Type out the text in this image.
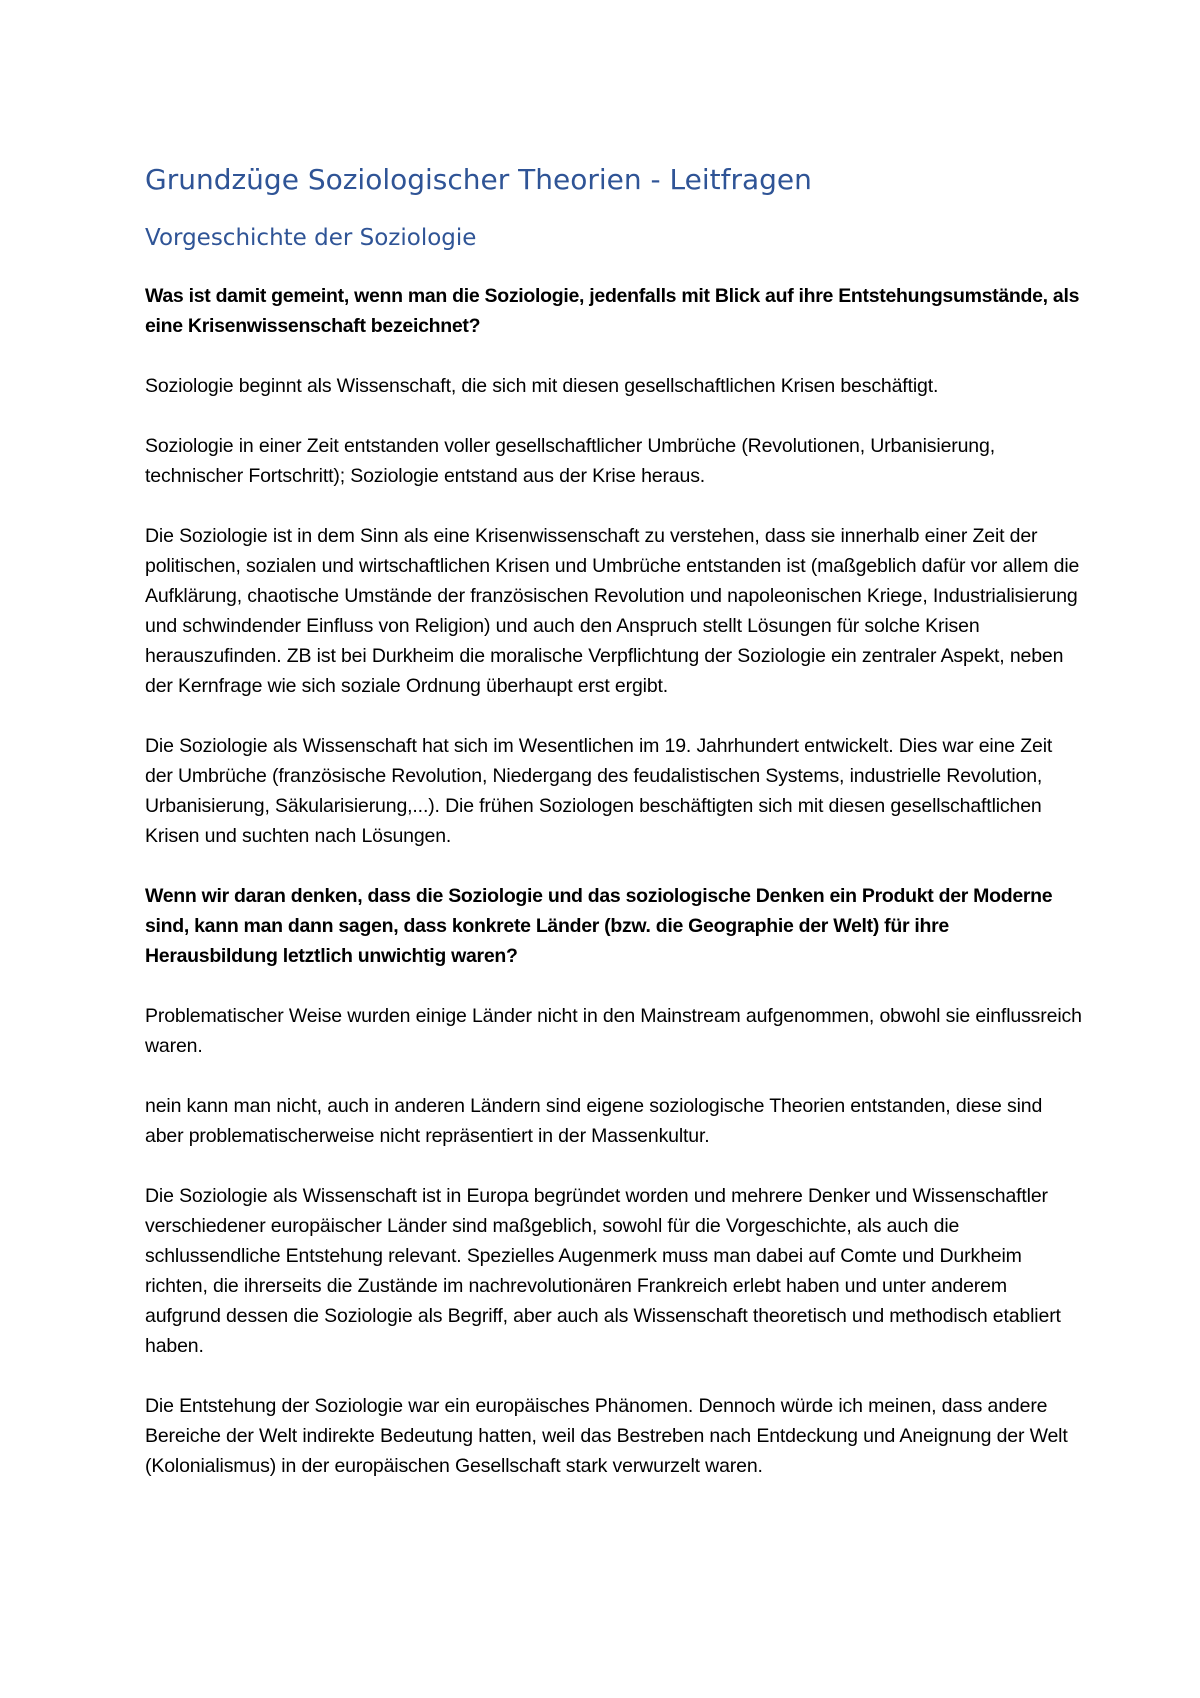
Grundzüge Soziologischer Theorien - Leitfragen
Vorgeschichte der Soziologie

Was ist damit gemeint, wenn man die Soziologie, jedenfalls mit Blick auf ihre Entstehungsumstände, als eine Krisenwissenschaft bezeichnet?

Soziologie beginnt als Wissenschaft, die sich mit diesen gesellschaftlichen Krisen beschäftigt.

Soziologie in einer Zeit entstanden voller gesellschaftlicher Umbrüche (Revolutionen, Urbanisierung, technischer Fortschritt); Soziologie entstand aus der Krise heraus.

Die Soziologie ist in dem Sinn als eine Krisenwissenschaft zu verstehen, dass sie innerhalb einer Zeit der politischen, sozialen und wirtschaftlichen Krisen und Umbrüche entstanden ist (maßgeblich dafür vor allem die Aufklärung, chaotische Umstände der französischen Revolution und napoleonischen Kriege, Industrialisierung und schwindender Einfluss von Religion) und auch den Anspruch stellt Lösungen für solche Krisen herauszufinden. ZB ist bei Durkheim die moralische Verpflichtung der Soziologie ein zentraler Aspekt, neben der Kernfrage wie sich soziale Ordnung überhaupt erst ergibt.

Die Soziologie als Wissenschaft hat sich im Wesentlichen im 19. Jahrhundert entwickelt. Dies war eine Zeit der Umbrüche (französische Revolution, Niedergang des feudalistischen Systems, industrielle Revolution, Urbanisierung, Säkularisierung,...). Die frühen Soziologen beschäftigten sich mit diesen gesellschaftlichen Krisen und suchten nach Lösungen.

Wenn wir daran denken, dass die Soziologie und das soziologische Denken ein Produkt der Moderne sind, kann man dann sagen, dass konkrete Länder (bzw. die Geographie der Welt) für ihre Herausbildung letztlich unwichtig waren?

Problematischer Weise wurden einige Länder nicht in den Mainstream aufgenommen, obwohl sie einflussreich waren.

nein kann man nicht, auch in anderen Ländern sind eigene soziologische Theorien entstanden, diese sind aber problematischerweise nicht repräsentiert in der Massenkultur.

Die Soziologie als Wissenschaft ist in Europa begründet worden und mehrere Denker und Wissenschaftler verschiedener europäischer Länder sind maßgeblich, sowohl für die Vorgeschichte, als auch die schlussendliche Entstehung relevant. Spezielles Augenmerk muss man dabei auf Comte und Durkheim richten, die ihrerseits die Zustände im nachrevolutionären Frankreich erlebt haben und unter anderem aufgrund dessen die Soziologie als Begriff, aber auch als Wissenschaft theoretisch und methodisch etabliert haben.

Die Entstehung der Soziologie war ein europäisches Phänomen. Dennoch würde ich meinen, dass andere Bereiche der Welt indirekte Bedeutung hatten, weil das Bestreben nach Entdeckung und Aneignung der Welt (Kolonialismus) in der europäischen Gesellschaft stark verwurzelt waren.
